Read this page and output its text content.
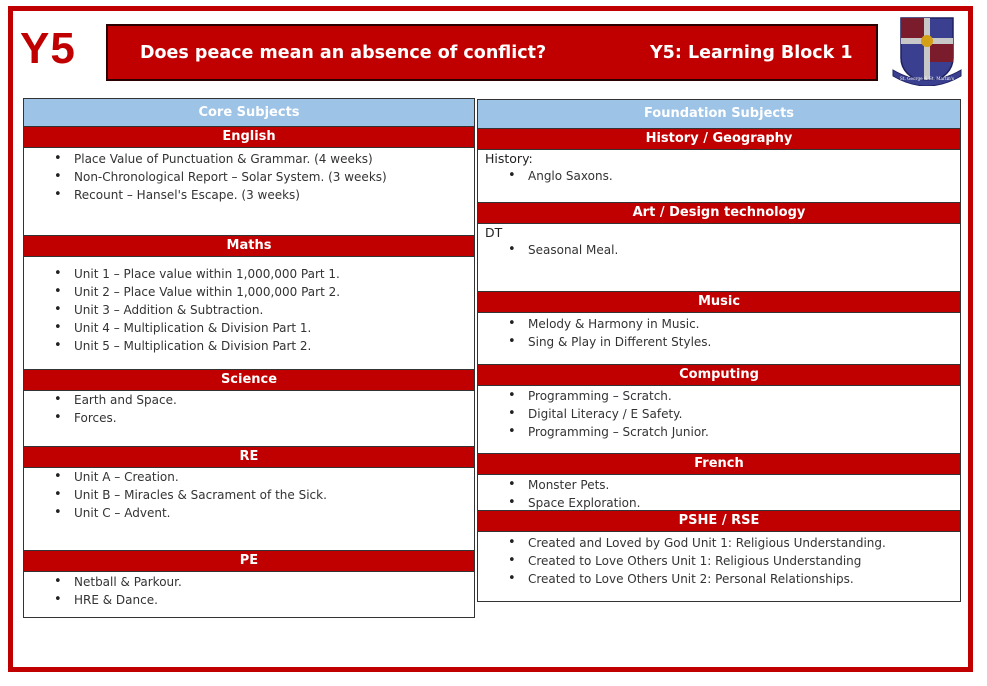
Y5	Does peace mean an absence of conflict?	Y5: Learning Block 1
St. George & St. Martin's
Core Subjects
English
• Place Value of Punctuation & Grammar. (4 weeks)
• Non-Chronological Report – Solar System. (3 weeks)
• Recount – Hansel's Escape. (3 weeks)
Maths
• Unit 1 – Place value within 1,000,000 Part 1.
• Unit 2 – Place Value within 1,000,000 Part 2.
• Unit 3 – Addition & Subtraction.
• Unit 4 – Multiplication & Division Part 1.
• Unit 5 – Multiplication & Division Part 2.
Science
• Earth and Space.
• Forces.
RE
• Unit A – Creation.
• Unit B – Miracles & Sacrament of the Sick.
• Unit C – Advent.
PE
• Netball & Parkour.
• HRE & Dance.
Foundation Subjects
History / Geography
History:
• Anglo Saxons.
Art / Design technology
DT
• Seasonal Meal.
Music
• Melody & Harmony in Music.
• Sing & Play in Different Styles.
Computing
• Programming – Scratch.
• Digital Literacy / E Safety.
• Programming – Scratch Junior.
French
• Monster Pets.
• Space Exploration.
PSHE / RSE
• Created and Loved by God Unit 1: Religious Understanding.
• Created to Love Others Unit 1: Religious Understanding
• Created to Love Others Unit 2: Personal Relationships.
